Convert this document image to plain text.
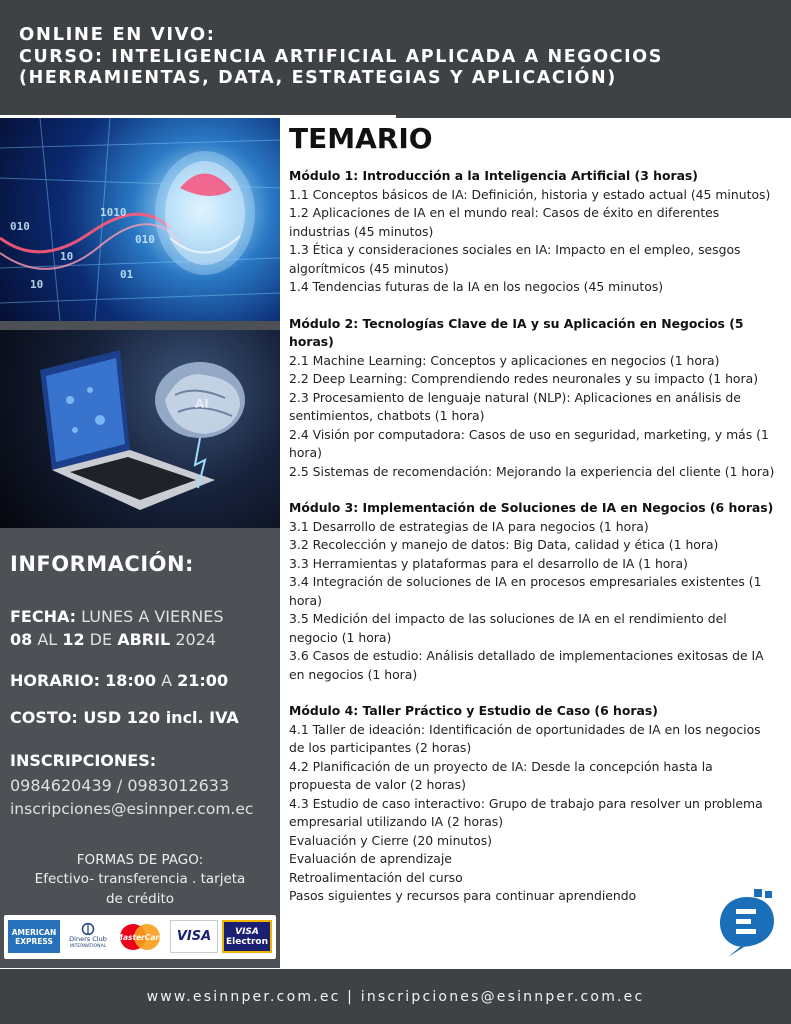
ONLINE EN VIVO:
CURSO: INTELIGENCIA ARTIFICIAL APLICADA A NEGOCIOS
(HERRAMIENTAS, DATA, ESTRATEGIAS Y APLICACIÓN)
010
10
1010
10
01
010
AI
INFORMACIÓN:
FECHA: LUNES A VIERNES
08 AL 12 DE ABRIL 2024
HORARIO: 18:00 A 21:00
COSTO: USD 120 incl. IVA
INSCRIPCIONES:
0984620439 / 0983012633
inscripciones@esinnper.com.ec
FORMAS DE PAGO:
Efectivo- transferencia . tarjeta
de crédito
AMERICAN
EXPRESS	Diners Club
INTERNATIONAL
MasterCard VISA	VISA
Electron
TEMARIO
Módulo 1: Introducción a la Inteligencia Artificial (3 horas)
1.1 Conceptos básicos de IA: Definición, historia y estado actual (45 minutos)
1.2 Aplicaciones de IA en el mundo real: Casos de éxito en diferentes industrias (45 minutos)
1.3 Ética y consideraciones sociales en IA: Impacto en el empleo, sesgos algorítmicos (45 minutos)
1.4 Tendencias futuras de la IA en los negocios (45 minutos)
Módulo 2: Tecnologías Clave de IA y su Aplicación en Negocios (5 horas)
2.1 Machine Learning: Conceptos y aplicaciones en negocios (1 hora)
2.2 Deep Learning: Comprendiendo redes neuronales y su impacto (1 hora)
2.3 Procesamiento de lenguaje natural (NLP): Aplicaciones en análisis de sentimientos, chatbots (1 hora)
2.4 Visión por computadora: Casos de uso en seguridad, marketing, y más (1 hora)
2.5 Sistemas de recomendación: Mejorando la experiencia del cliente (1 hora)
Módulo 3: Implementación de Soluciones de IA en Negocios (6 horas)
3.1 Desarrollo de estrategias de IA para negocios (1 hora)
3.2 Recolección y manejo de datos: Big Data, calidad y ética (1 hora)
3.3 Herramientas y plataformas para el desarrollo de IA (1 hora)
3.4 Integración de soluciones de IA en procesos empresariales existentes (1 hora)
3.5 Medición del impacto de las soluciones de IA en el rendimiento del negocio (1 hora)
3.6 Casos de estudio: Análisis detallado de implementaciones exitosas de IA en negocios (1 hora)
Módulo 4: Taller Práctico y Estudio de Caso (6 horas)
4.1 Taller de ideación: Identificación de oportunidades de IA en los negocios de los participantes (2 horas)
4.2 Planificación de un proyecto de IA: Desde la concepción hasta la propuesta de valor (2 horas)
4.3 Estudio de caso interactivo: Grupo de trabajo para resolver un problema empresarial utilizando IA (2 horas)
Evaluación y Cierre (20 minutos)
Evaluación de aprendizaje
Retroalimentación del curso
Pasos siguientes y recursos para continuar aprendiendo
www.esinnper.com.ec | inscripciones@esinnper.com.ec
